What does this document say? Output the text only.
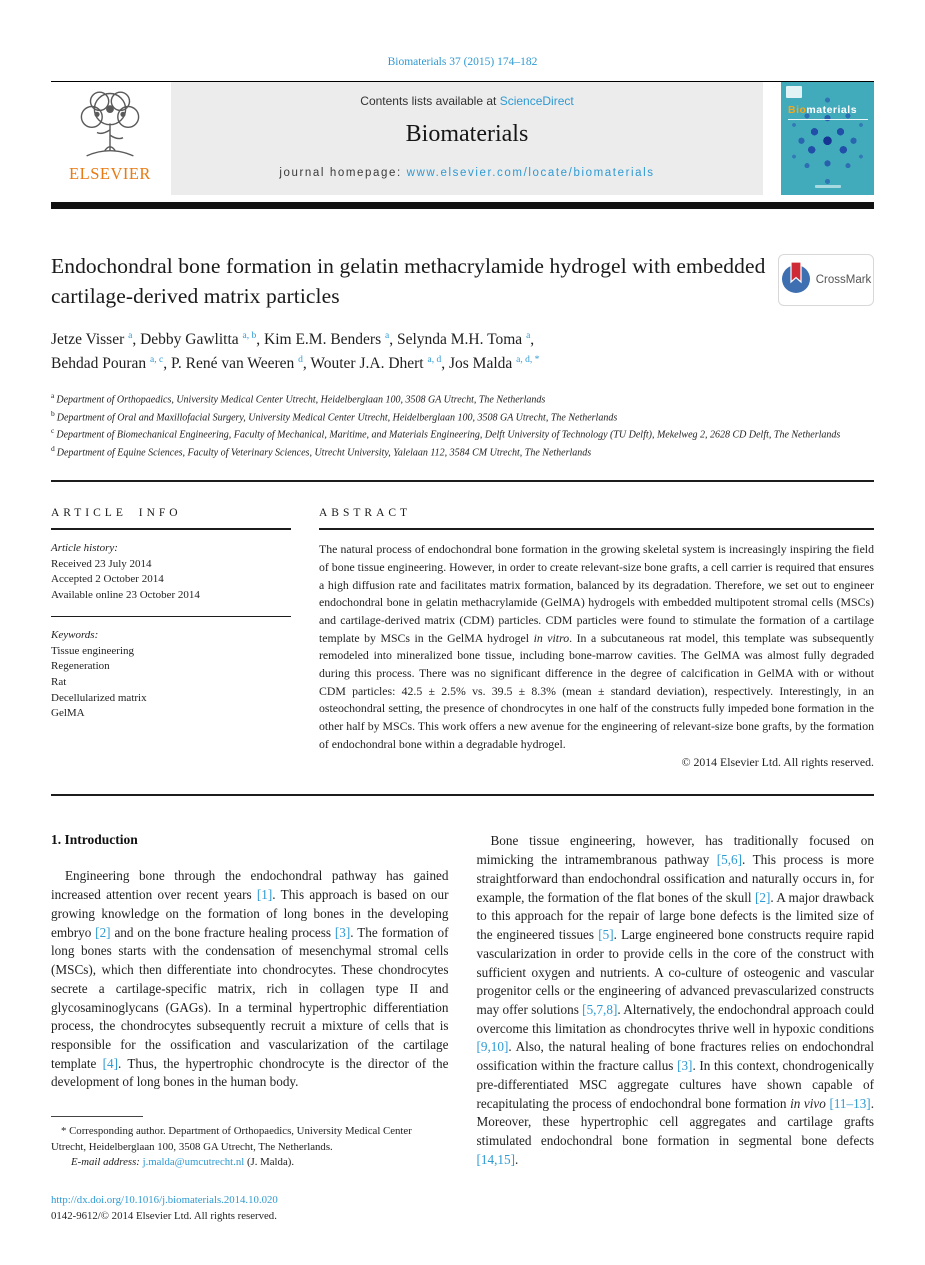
Biomaterials 37 (2015) 174–182
ELSEVIER
Contents lists available at ScienceDirect
Biomaterials
journal homepage: www.elsevier.com/locate/biomaterials
Biomaterials
Endochondral bone formation in gelatin methacrylamide hydrogel with embedded cartilage-derived matrix particles
CrossMark
Jetze Visser $^a$, Debby Gawlitta $^{a, b}$, Kim E.M. Benders $^a$, Selynda M.H. Toma $^a$,
Behdad Pouran $^{a, c}$, P. René van Weeren $^d$, Wouter J.A. Dhert $^{a, d}$, Jos Malda $^{a, d, *}$
$^a$ Department of Orthopaedics, University Medical Center Utrecht, Heidelberglaan 100, 3508 GA Utrecht, The Netherlands
$^b$ Department of Oral and Maxillofacial Surgery, University Medical Center Utrecht, Heidelberglaan 100, 3508 GA Utrecht, The Netherlands
$^c$ Department of Biomechanical Engineering, Faculty of Mechanical, Maritime, and Materials Engineering, Delft University of Technology (TU Delft), Mekelweg 2, 2628 CD Delft, The Netherlands
$^d$ Department of Equine Sciences, Faculty of Veterinary Sciences, Utrecht University, Yalelaan 112, 3584 CM Utrecht, The Netherlands
ARTICLE INFO
Article history:
Received 23 July 2014
Accepted 2 October 2014
Available online 23 October 2014
Keywords:
Tissue engineering
Regeneration
Rat
Decellularized matrix
GelMA
ABSTRACT
The natural process of endochondral bone formation in the growing skeletal system is increasingly inspiring the field of bone tissue engineering. However, in order to create relevant-size bone grafts, a cell carrier is required that ensures a high diffusion rate and facilitates matrix formation, balanced by its degradation. Therefore, we set out to engineer endochondral bone in gelatin methacrylamide (GelMA) hydrogels with embedded multipotent stromal cells (MSCs) and cartilage-derived matrix (CDM) particles. CDM particles were found to stimulate the formation of a cartilage template by MSCs in the GelMA hydrogel in vitro. In a subcutaneous rat model, this template was subsequently remodeled into mineralized bone tissue, including bone-marrow cavities. The GelMA was almost fully degraded during this process. There was no significant difference in the degree of calcification in GelMA with or without CDM particles: 42.5 ± 2.5% vs. 39.5 ± 8.3% (mean ± standard deviation), respectively. Interestingly, in an osteochondral setting, the presence of chondrocytes in one half of the constructs fully impeded bone formation in the other half by MSCs. This work offers a new avenue for the engineering of relevant-size bone grafts, by the formation of endochondral bone within a degradable hydrogel.
© 2014 Elsevier Ltd. All rights reserved.
1. Introduction

Engineering bone through the endochondral pathway has gained increased attention over recent years [1]. This approach is based on our growing knowledge on the formation of long bones in the developing embryo [2] and on the bone fracture healing process [3]. The formation of long bones starts with the condensation of mesenchymal stromal cells (MSCs), which then differentiate into chondrocytes. These chondrocytes secrete a cartilage-specific matrix, rich in collagen type II and glycosaminoglycans (GAGs). In a terminal hypertrophic differentiation process, the chondrocytes subsequently recruit a mixture of cells that is responsible for the ossification and vascularization of the cartilage template [4]. Thus, the hypertrophic chondrocyte is the director of the development of long bones in the human body.

* Corresponding author. Department of Orthopaedics, University Medical Center Utrecht, Heidelberglaan 100, 3508 GA Utrecht, The Netherlands.
E-mail address: j.malda@umcutrecht.nl (J. Malda).
http://dx.doi.org/10.1016/j.biomaterials.2014.10.020
0142-9612/© 2014 Elsevier Ltd. All rights reserved.

Bone tissue engineering, however, has traditionally focused on mimicking the intramembranous pathway [5,6]. This process is more straightforward than endochondral ossification and naturally occurs in, for example, the formation of the flat bones of the skull [2]. A major drawback to this approach for the repair of large bone defects is the limited size of the engineered tissues [5]. Large engineered bone constructs require rapid vascularization in order to provide cells in the core of the construct with sufficient oxygen and nutrients. A co-culture of osteogenic and vascular progenitor cells or the engineering of advanced prevascularized constructs may offer solutions [5,7,8]. Alternatively, the endochondral approach could overcome this limitation as chondrocytes thrive well in hypoxic conditions [9,10]. Also, the natural healing of bone fractures relies on endochondral ossification within the fracture callus [3]. In this context, chondrogenically pre-differentiated MSC aggregate cultures have shown capable of recapitulating the process of endochondral bone formation in vivo [11–13]. Moreover, these hypertrophic cell aggregates and cartilage grafts stimulated endochondral bone formation in segmental bone defects [14,15].
